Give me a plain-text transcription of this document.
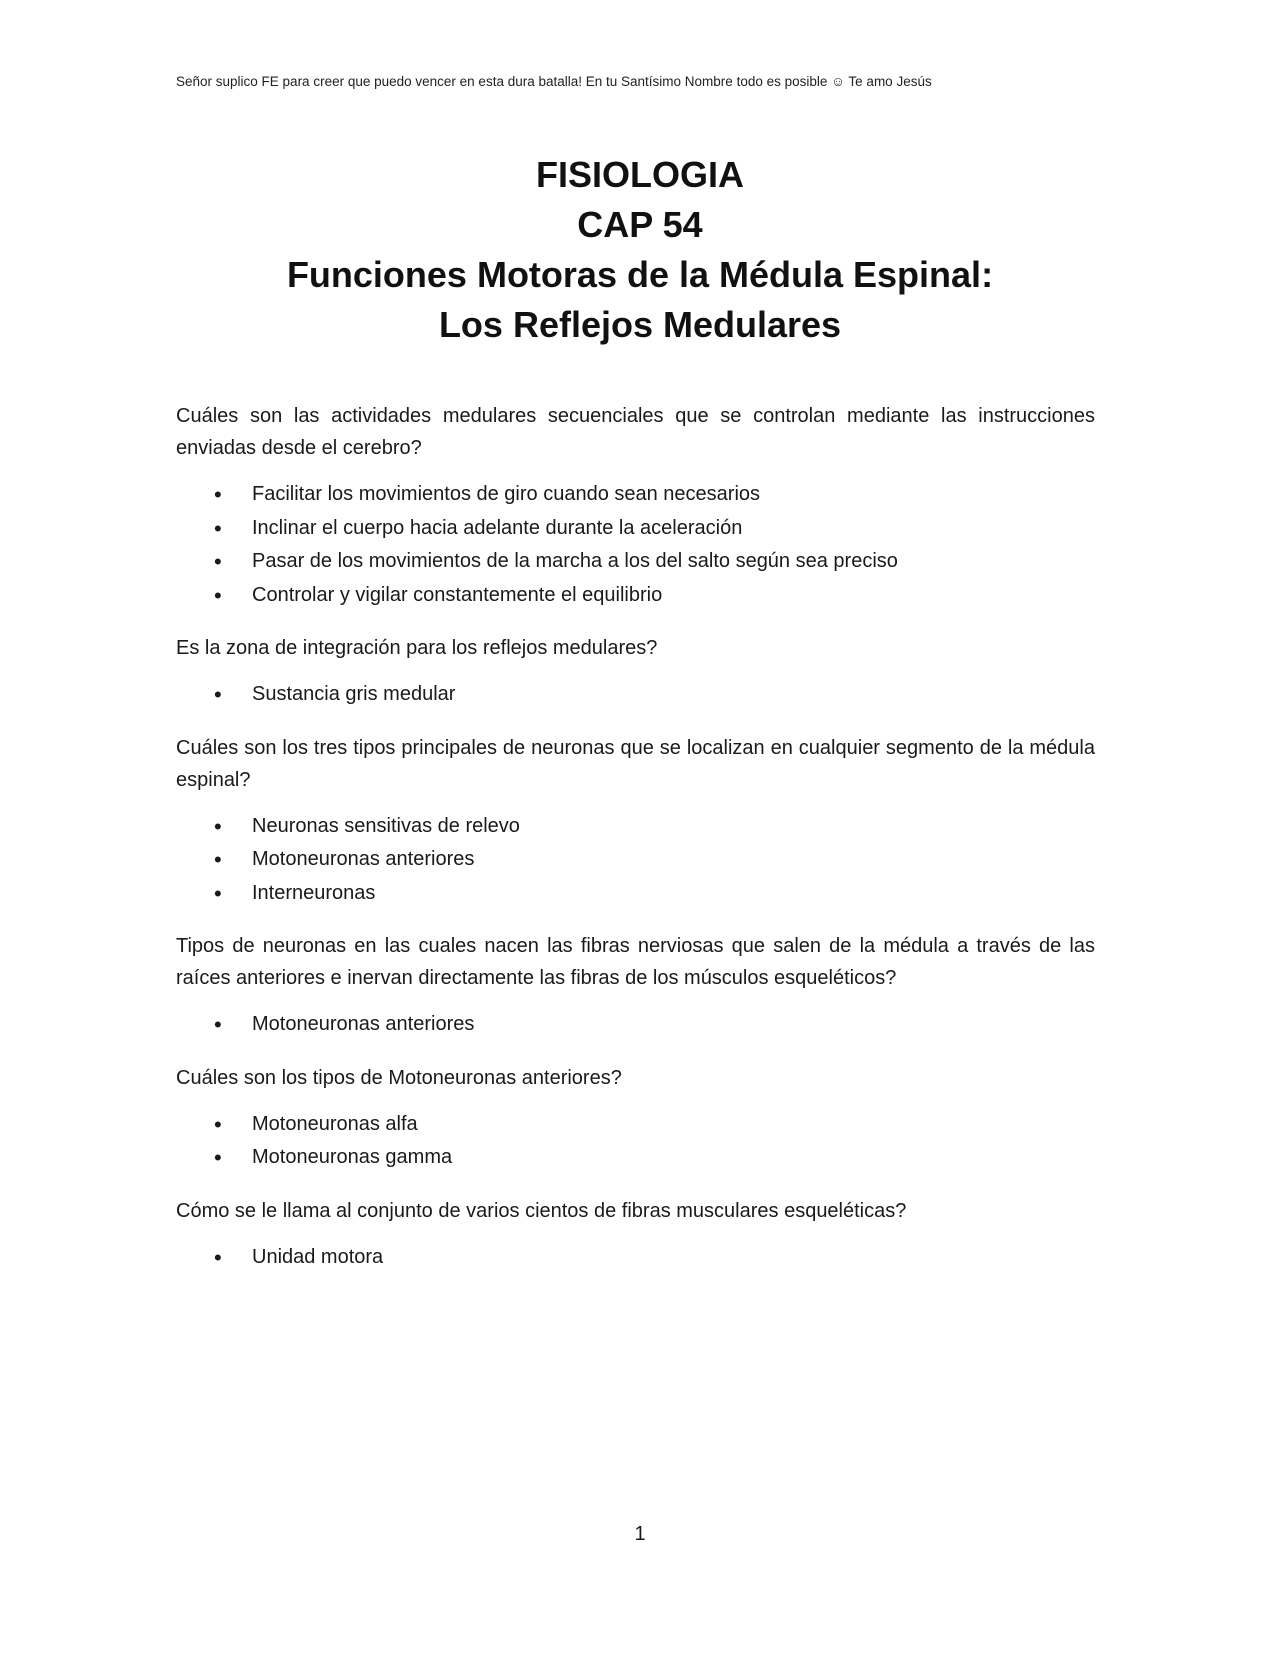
Señor suplico FE para creer que puedo vencer en esta dura batalla! En tu Santísimo Nombre todo es posible ☺ Te amo Jesús
FISIOLOGIA
CAP 54
Funciones Motoras de la Médula Espinal:
Los Reflejos Medulares

Cuáles son las actividades medulares secuenciales que se controlan mediante las instrucciones enviadas desde el cerebro?

• Facilitar los movimientos de giro cuando sean necesarios
• Inclinar el cuerpo hacia adelante durante la aceleración
• Pasar de los movimientos de la marcha a los del salto según sea preciso
• Controlar y vigilar constantemente el equilibrio

Es la zona de integración para los reflejos medulares?

• Sustancia gris medular

Cuáles son los tres tipos principales de neuronas que se localizan en cualquier segmento de la médula espinal?

• Neuronas sensitivas de relevo
• Motoneuronas anteriores
• Interneuronas

Tipos de neuronas en las cuales nacen las fibras nerviosas que salen de la médula a través de las raíces anteriores e inervan directamente las fibras de los músculos esqueléticos?

• Motoneuronas anteriores

Cuáles son los tipos de Motoneuronas anteriores?

• Motoneuronas alfa
• Motoneuronas gamma

Cómo se le llama al conjunto de varios cientos de fibras musculares esqueléticas?

• Unidad motora
1
